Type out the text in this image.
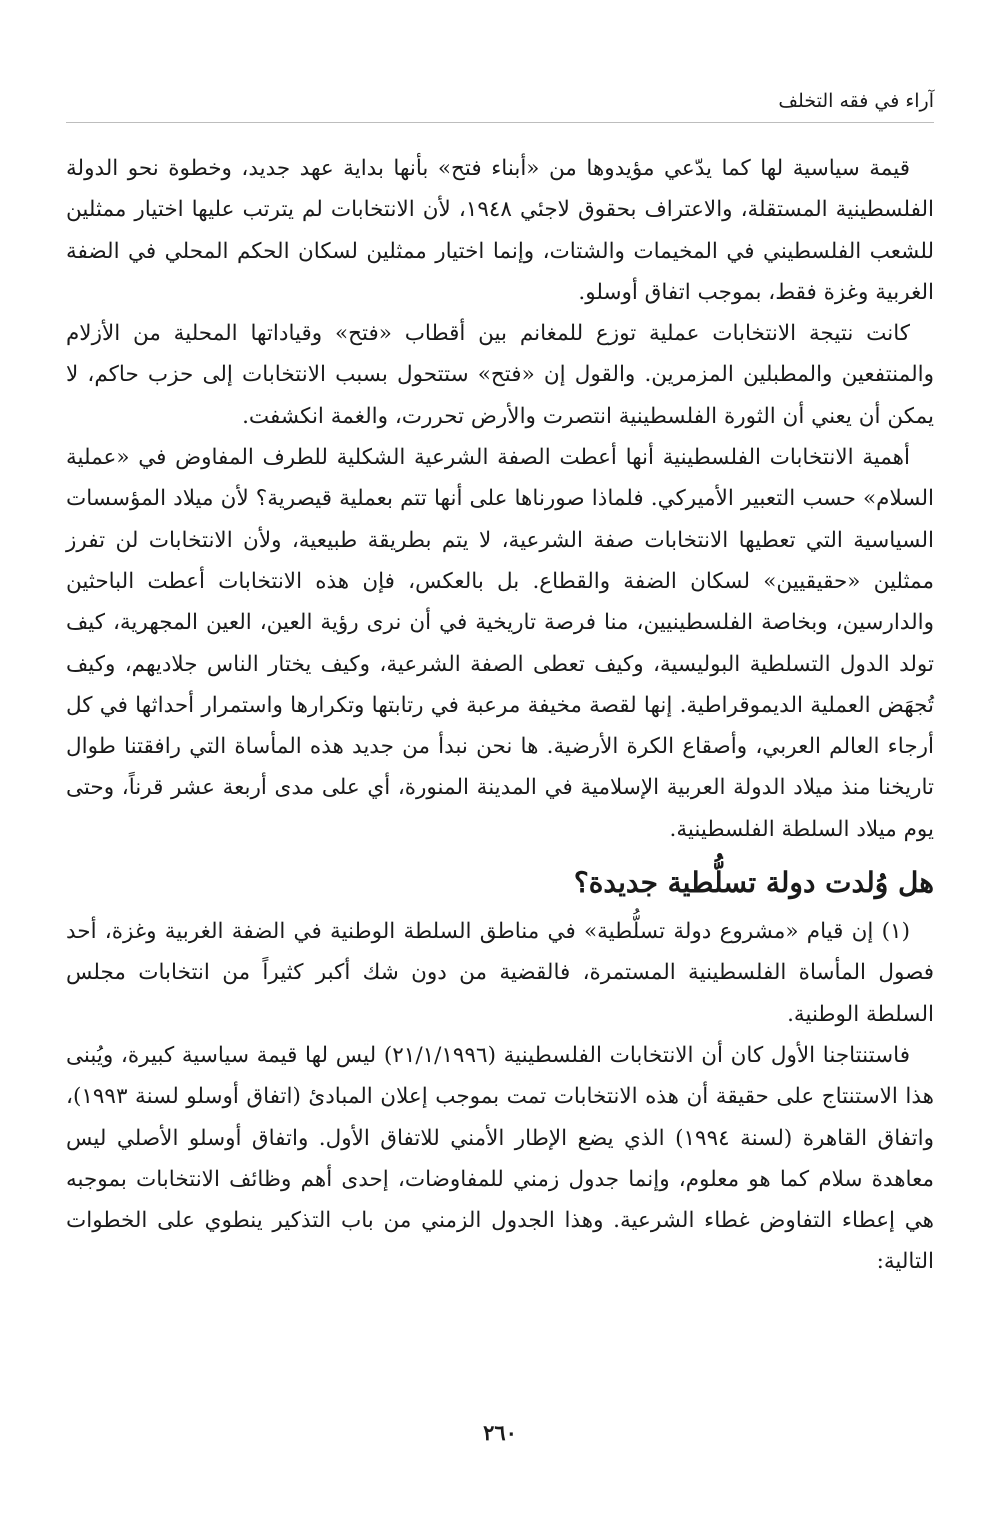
آراء في فقه التخلف

قيمة سياسية لها كما يدّعي مؤيدوها من «أبناء فتح» بأنها بداية عهد جديد، وخطوة نحو الدولة الفلسطينية المستقلة، والاعتراف بحقوق لاجئي ١٩٤٨، لأن الانتخابات لم يترتب عليها اختيار ممثلين للشعب الفلسطيني في المخيمات والشتات، وإنما اختيار ممثلين لسكان الحكم المحلي في الضفة الغربية وغزة فقط، بموجب اتفاق أوسلو.

كانت نتيجة الانتخابات عملية توزع للمغانم بين أقطاب «فتح» وقياداتها المحلية من الأزلام والمنتفعين والمطبلين المزمرين. والقول إن «فتح» ستتحول بسبب الانتخابات إلى حزب حاكم، لا يمكن أن يعني أن الثورة الفلسطينية انتصرت والأرض تحررت، والغمة انكشفت.

أهمية الانتخابات الفلسطينية أنها أعطت الصفة الشرعية الشكلية للطرف المفاوض في «عملية السلام» حسب التعبير الأميركي. فلماذا صورناها على أنها تتم بعملية قيصرية؟ لأن ميلاد المؤسسات السياسية التي تعطيها الانتخابات صفة الشرعية، لا يتم بطريقة طبيعية، ولأن الانتخابات لن تفرز ممثلين «حقيقيين» لسكان الضفة والقطاع. بل بالعكس، فإن هذه الانتخابات أعطت الباحثين والدارسين، وبخاصة الفلسطينيين، منا فرصة تاريخية في أن نرى رؤية العين، العين المجهرية، كيف تولد الدول التسلطية البوليسية، وكيف تعطى الصفة الشرعية، وكيف يختار الناس جلاديهم، وكيف تُجهَض العملية الديموقراطية. إنها لقصة مخيفة مرعبة في رتابتها وتكرارها واستمرار أحداثها في كل أرجاء العالم العربي، وأصقاع الكرة الأرضية. ها نحن نبدأ من جديد هذه المأساة التي رافقتنا طوال تاريخنا منذ ميلاد الدولة العربية الإسلامية في المدينة المنورة، أي على مدى أربعة عشر قرناً، وحتى يوم ميلاد السلطة الفلسطينية.

هل وُلدت دولة تسلُّطية جديدة؟

(١) إن قيام «مشروع دولة تسلُّطية» في مناطق السلطة الوطنية في الضفة الغربية وغزة، أحد فصول المأساة الفلسطينية المستمرة، فالقضية من دون شك أكبر كثيراً من انتخابات مجلس السلطة الوطنية.

فاستنتاجنا الأول كان أن الانتخابات الفلسطينية (٢١/١/١٩٩٦) ليس لها قيمة سياسية كبيرة، ويُبنى هذا الاستنتاج على حقيقة أن هذه الانتخابات تمت بموجب إعلان المبادئ (اتفاق أوسلو لسنة ١٩٩٣)، واتفاق القاهرة (لسنة ١٩٩٤) الذي يضع الإطار الأمني للاتفاق الأول. واتفاق أوسلو الأصلي ليس معاهدة سلام كما هو معلوم، وإنما جدول زمني للمفاوضات، إحدى أهم وظائف الانتخابات بموجبه هي إعطاء التفاوض غطاء الشرعية. وهذا الجدول الزمني من باب التذكير ينطوي على الخطوات التالية:

٢٦٠
